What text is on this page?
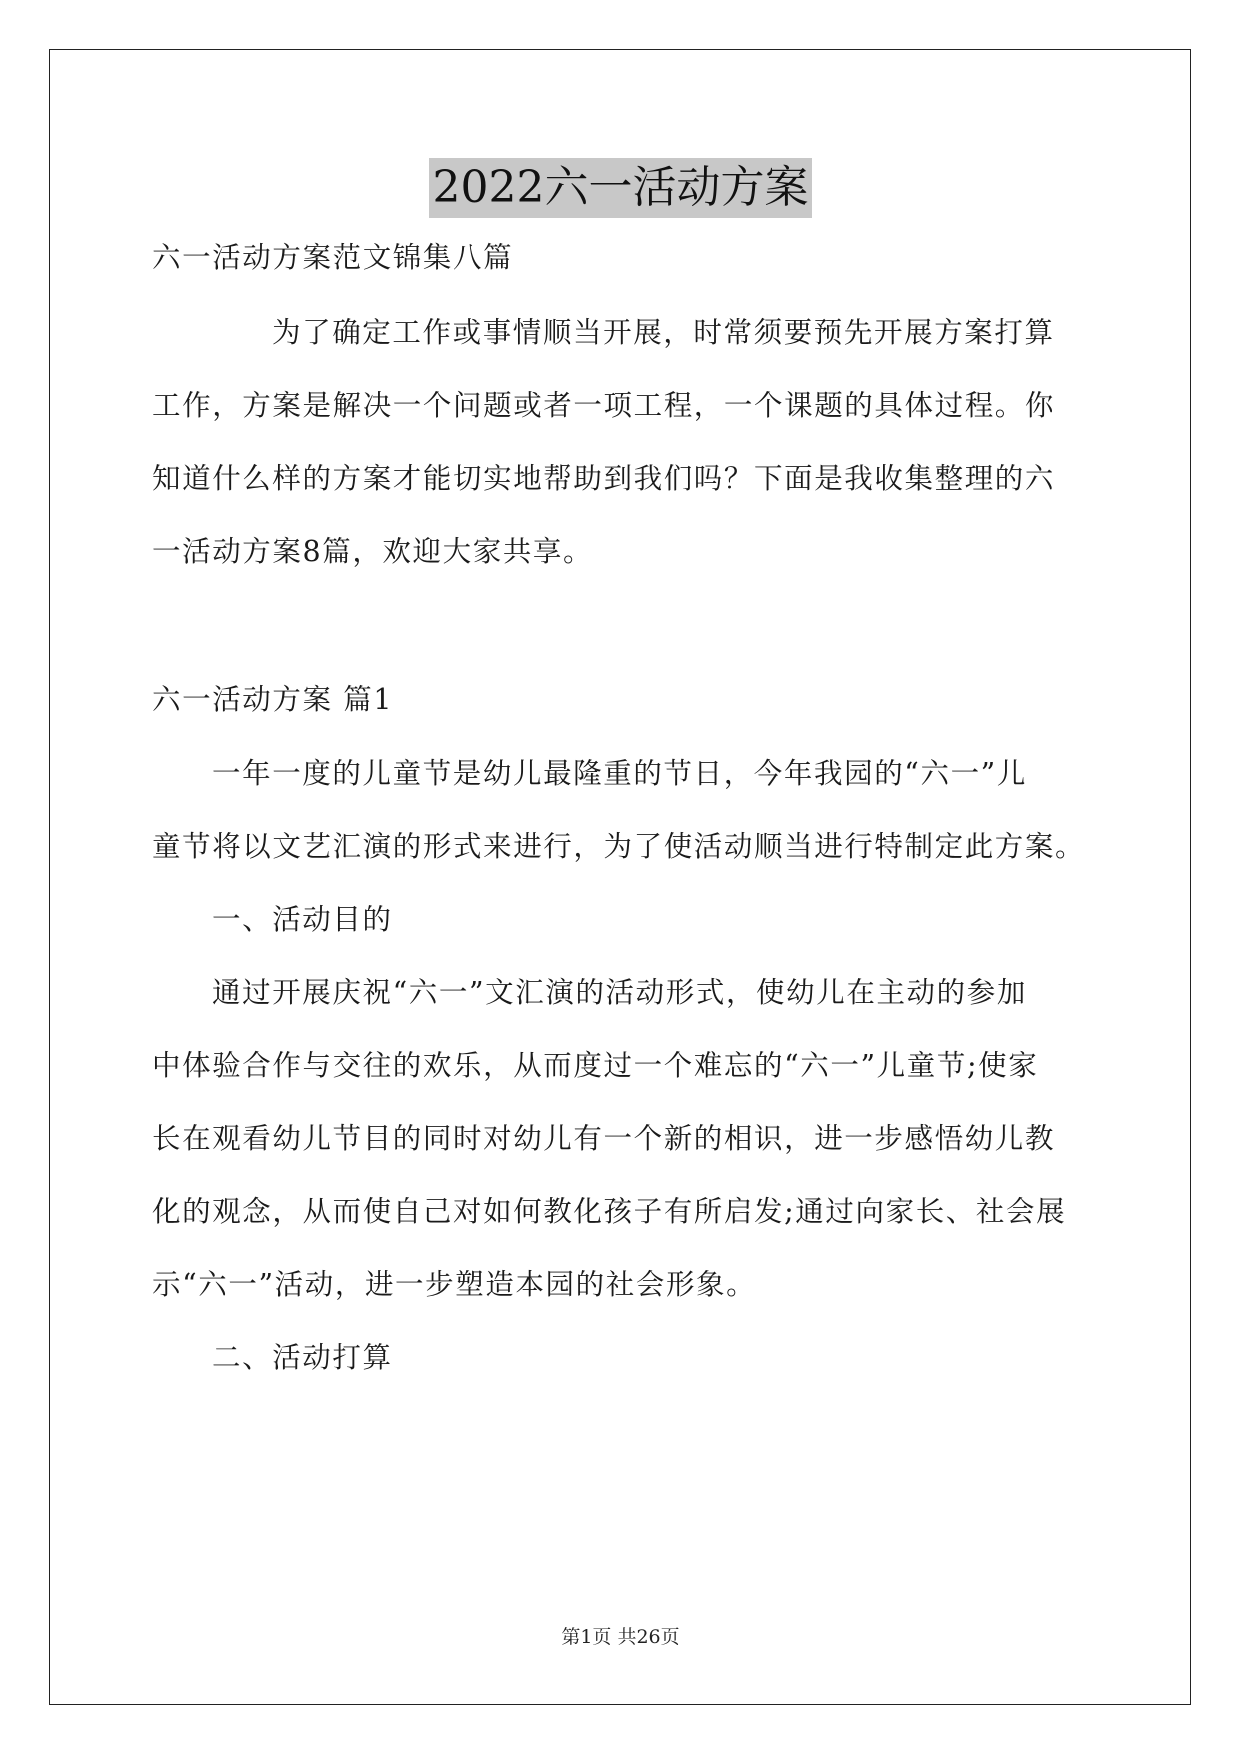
2022六一活动方案
六一活动方案范文锦集八篇
为了确定工作或事情顺当开展，时常须要预先开展方案打算
工作，方案是解决一个问题或者一项工程，一个课题的具体过程。你
知道什么样的方案才能切实地帮助到我们吗？下面是我收集整理的六
一活动方案8篇，欢迎大家共享。
六一活动方案 篇1
一年一度的儿童节是幼儿最隆重的节日，今年我园的“六一”儿
童节将以文艺汇演的形式来进行，为了使活动顺当进行特制定此方案。
一、活动目的
通过开展庆祝“六一”文汇演的活动形式，使幼儿在主动的参加
中体验合作与交往的欢乐，从而度过一个难忘的“六一”儿童节;使家
长在观看幼儿节目的同时对幼儿有一个新的相识，进一步感悟幼儿教
化的观念，从而使自己对如何教化孩子有所启发;通过向家长、社会展
示“六一”活动，进一步塑造本园的社会形象。
二、活动打算
第1页 共26页
